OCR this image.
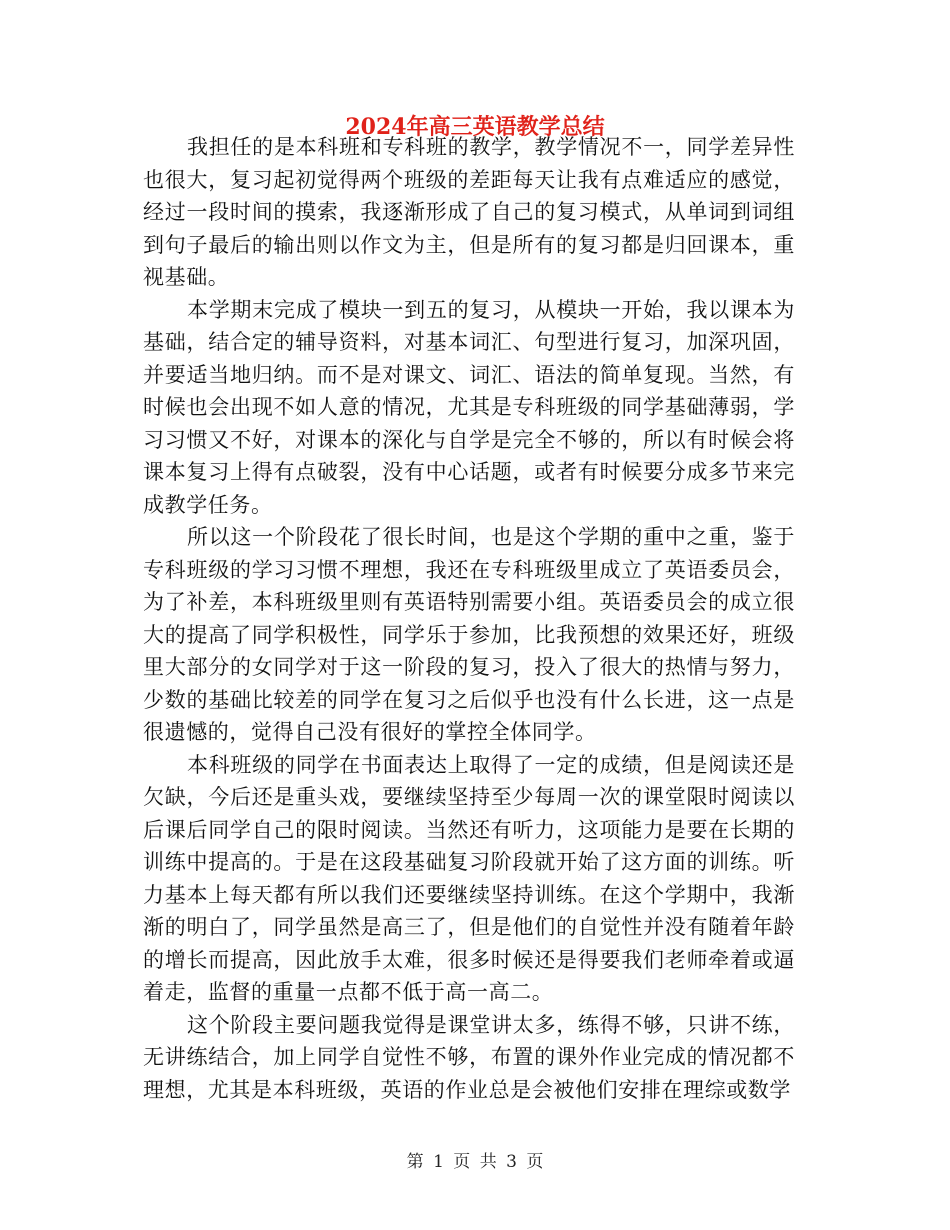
2024年高三英语教学总结

我担任的是本科班和专科班的教学，教学情况不一，同学差异性也很大，复习起初觉得两个班级的差距每天让我有点难适应的感觉，经过一段时间的摸索，我逐渐形成了自己的复习模式，从单词到词组到句子最后的输出则以作文为主，但是所有的复习都是归回课本，重视基础。

本学期末完成了模块一到五的复习，从模块一开始，我以课本为基础，结合定的辅导资料，对基本词汇、句型进行复习，加深巩固，并要适当地归纳。而不是对课文、词汇、语法的简单复现。当然，有时候也会出现不如人意的情况，尤其是专科班级的同学基础薄弱，学习习惯又不好，对课本的深化与自学是完全不够的，所以有时候会将课本复习上得有点破裂，没有中心话题，或者有时候要分成多节来完成教学任务。

所以这一个阶段花了很长时间，也是这个学期的重中之重，鉴于专科班级的学习习惯不理想，我还在专科班级里成立了英语委员会，为了补差，本科班级里则有英语特别需要小组。英语委员会的成立很大的提高了同学积极性，同学乐于参加，比我预想的效果还好，班级里大部分的女同学对于这一阶段的复习，投入了很大的热情与努力，少数的基础比较差的同学在复习之后似乎也没有什么长进，这一点是很遗憾的，觉得自己没有很好的掌控全体同学。

本科班级的同学在书面表达上取得了一定的成绩，但是阅读还是欠缺，今后还是重头戏，要继续坚持至少每周一次的课堂限时阅读以后课后同学自己的限时阅读。当然还有听力，这项能力是要在长期的训练中提高的。于是在这段基础复习阶段就开始了这方面的训练。听力基本上每天都有所以我们还要继续坚持训练。在这个学期中，我渐渐的明白了，同学虽然是高三了，但是他们的自觉性并没有随着年龄的增长而提高，因此放手太难，很多时候还是得要我们老师牵着或逼着走，监督的重量一点都不低于高一高二。

这个阶段主要问题我觉得是课堂讲太多，练得不够，只讲不练，无讲练结合，加上同学自觉性不够，布置的课外作业完成的情况都不理想，尤其是本科班级，英语的作业总是会被他们安排在理综或数学

第 1 页 共 3 页
